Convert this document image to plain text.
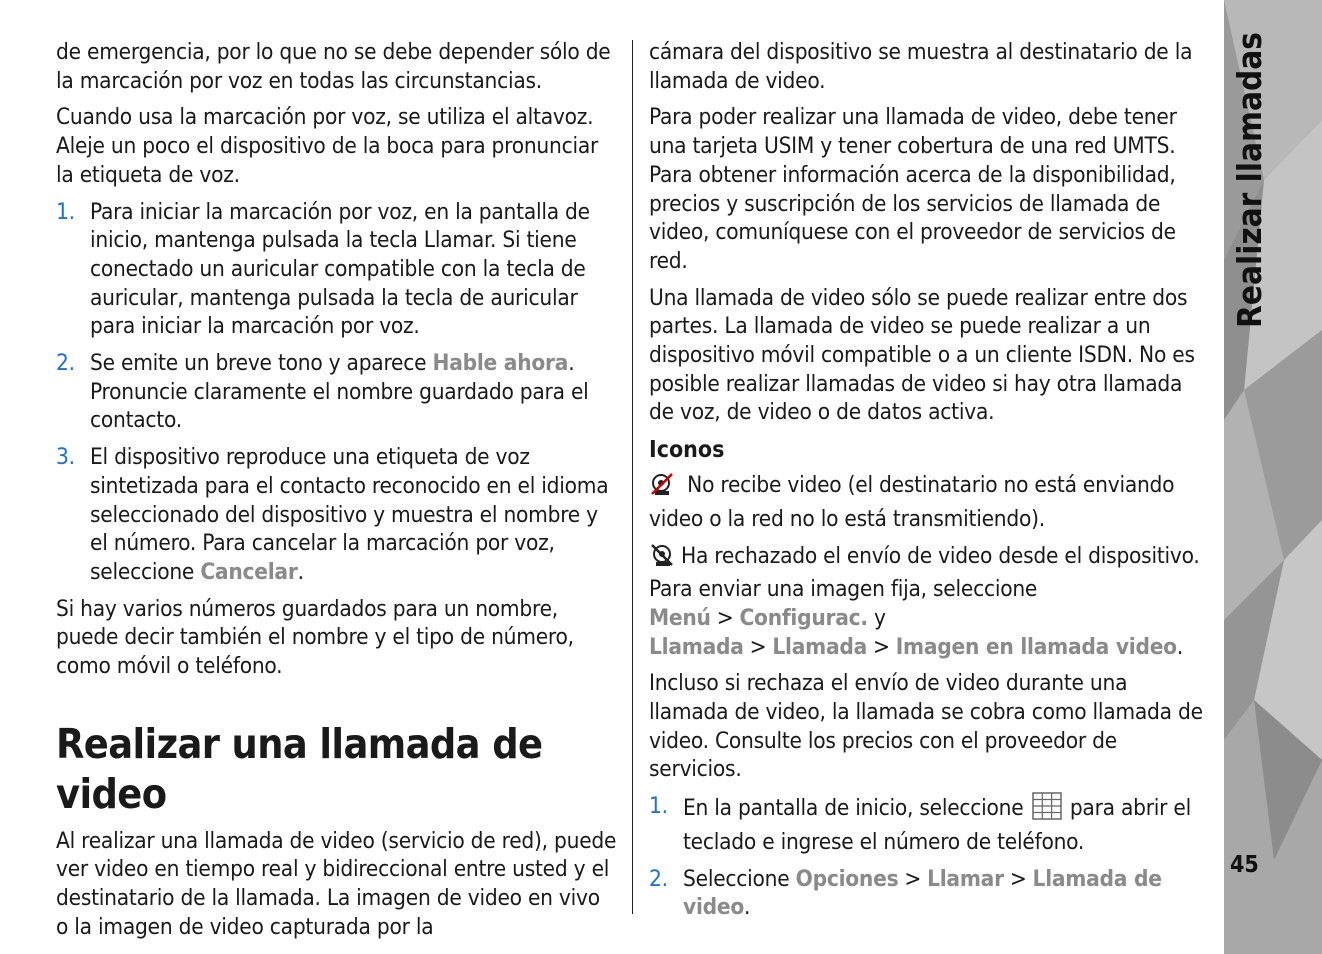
Realizar llamadas
45

de emergencia, por lo que no se debe depender sólo de la marcación por voz en todas las circunstancias.

Cuando usa la marcación por voz, se utiliza el altavoz. Aleje un poco el dispositivo de la boca para pronunciar la etiqueta de voz.

1. Para iniciar la marcación por voz, en la pantalla de inicio, mantenga pulsada la tecla Llamar. Si tiene conectado un auricular compatible con la tecla de auricular, mantenga pulsada la tecla de auricular para iniciar la marcación por voz.
2. Se emite un breve tono y aparece Hable ahora. Pronuncie claramente el nombre guardado para el contacto.
3. El dispositivo reproduce una etiqueta de voz sintetizada para el contacto reconocido en el idioma seleccionado del dispositivo y muestra el nombre y el número. Para cancelar la marcación por voz, seleccione Cancelar.

Si hay varios números guardados para un nombre, puede decir también el nombre y el tipo de número, como móvil o teléfono.

Realizar una llamada de video

Al realizar una llamada de video (servicio de red), puede ver video en tiempo real y bidireccional entre usted y el destinatario de la llamada. La imagen de video en vivo o la imagen de video capturada por la

cámara del dispositivo se muestra al destinatario de la llamada de video.

Para poder realizar una llamada de video, debe tener una tarjeta USIM y tener cobertura de una red UMTS. Para obtener información acerca de la disponibilidad, precios y suscripción de los servicios de llamada de video, comuníquese con el proveedor de servicios de red.

Una llamada de video sólo se puede realizar entre dos partes. La llamada de video se puede realizar a un dispositivo móvil compatible o a un cliente ISDN. No es posible realizar llamadas de video si hay otra llamada de voz, de video o de datos activa.

Iconos

No recibe video (el destinatario no está enviando video o la red no lo está transmitiendo).

Ha rechazado el envío de video desde el dispositivo. Para enviar una imagen fija, seleccione Menú > Configurac. y Llamada > Llamada > Imagen en llamada video.

Incluso si rechaza el envío de video durante una llamada de video, la llamada se cobra como llamada de video. Consulte los precios con el proveedor de servicios.

1. En la pantalla de inicio, seleccione  para abrir el teclado e ingrese el número de teléfono.
2. Seleccione Opciones > Llamar > Llamada de video.
